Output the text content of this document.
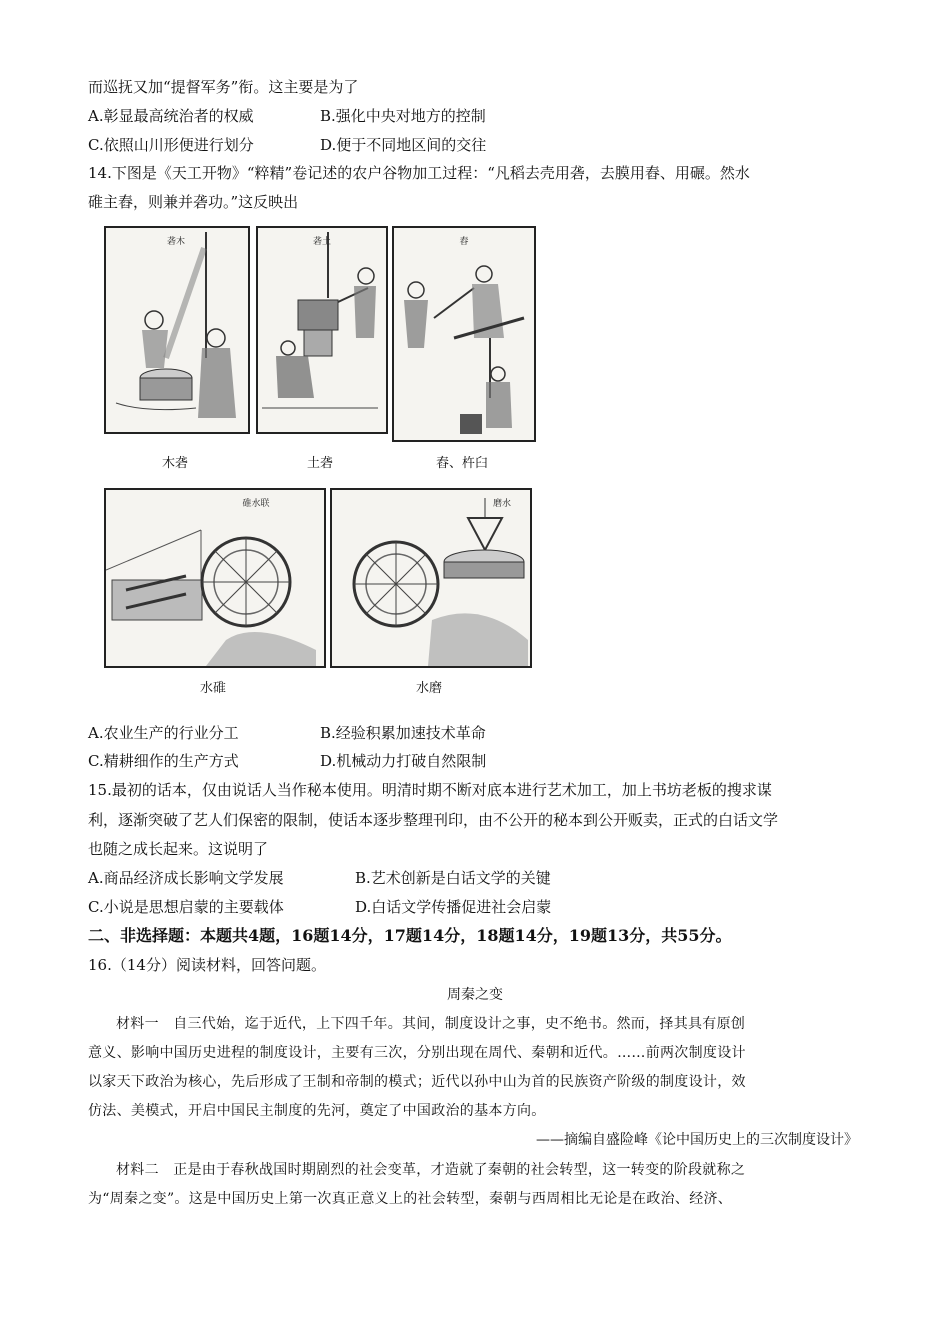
而巡抚又加“提督军务”衔。这主要是为了
A.彰显最高统治者的权威	B.强化中央对地方的控制
C.依照山川形便进行划分	D.便于不同地区间的交往
14.下图是《天工开物》“粹精”卷记述的农户谷物加工过程：“凡稻去壳用砻，去膜用舂、用碾。然水
碓主舂，则兼并砻功。”这反映出
砻木	砻土	舂
木砻	土砻	舂、杵臼
碓水联	磨水
水碓	水磨
A.农业生产的行业分工	B.经验积累加速技术革命
C.精耕细作的生产方式	D.机械动力打破自然限制
15.最初的话本，仅由说话人当作秘本使用。明清时期不断对底本进行艺术加工，加上书坊老板的搜求谋
利，逐渐突破了艺人们保密的限制，使话本逐步整理刊印，由不公开的秘本到公开贩卖，正式的白话文学
也随之成长起来。这说明了
A.商品经济成长影响文学发展	B.艺术创新是白话文学的关键
C.小说是思想启蒙的主要载体	D.白话文学传播促进社会启蒙
二、非选择题：本题共4题，16题14分，17题14分，18题14分，19题13分，共55分。
16.（14分）阅读材料，回答问题。
周秦之变
材料一　自三代始，迄于近代，上下四千年。其间，制度设计之事，史不绝书。然而，择其具有原创
意义、影响中国历史进程的制度设计，主要有三次，分别出现在周代、秦朝和近代。……前两次制度设计
以家天下政治为核心，先后形成了王制和帝制的模式；近代以孙中山为首的民族资产阶级的制度设计，效
仿法、美模式，开启中国民主制度的先河，奠定了中国政治的基本方向。
——摘编自盛险峰《论中国历史上的三次制度设计》
材料二　正是由于春秋战国时期剧烈的社会变革，才造就了秦朝的社会转型，这一转变的阶段就称之
为“周秦之变”。这是中国历史上第一次真正意义上的社会转型，秦朝与西周相比无论是在政治、经济、
